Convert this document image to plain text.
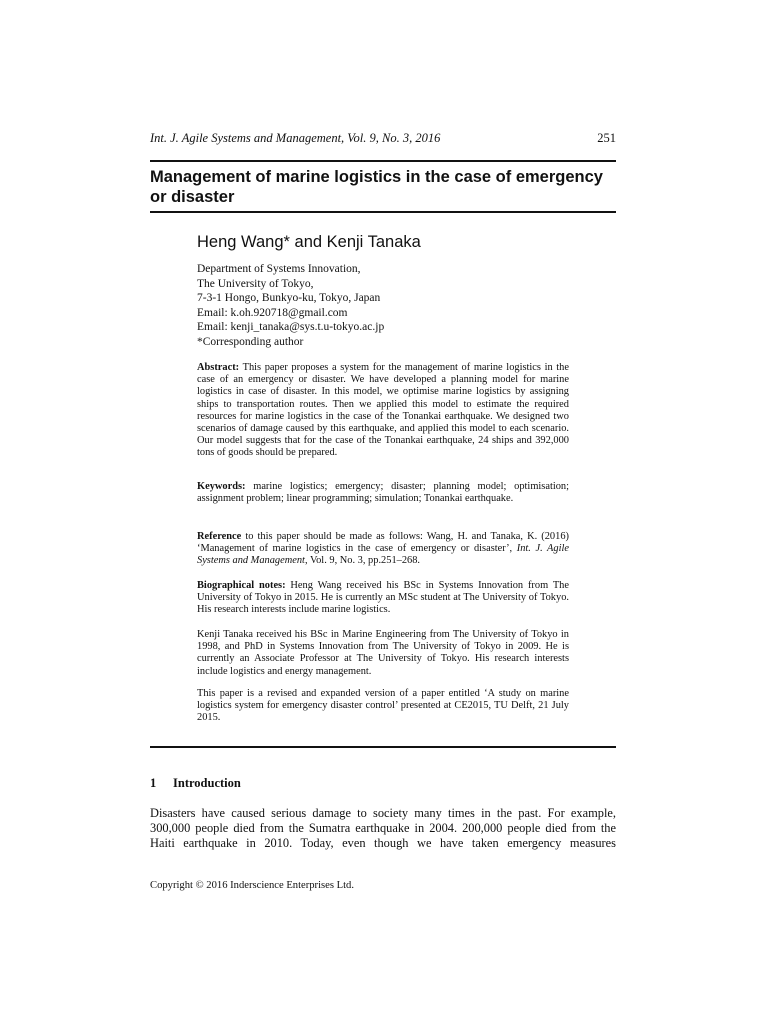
Int. J. Agile Systems and Management, Vol. 9, No. 3, 2016	251
Management of marine logistics in the case of emergency or disaster
Heng Wang* and Kenji Tanaka
Department of Systems Innovation,
The University of Tokyo,
7-3-1 Hongo, Bunkyo-ku, Tokyo, Japan
Email: k.oh.920718@gmail.com
Email: kenji_tanaka@sys.t.u-tokyo.ac.jp
*Corresponding author
Abstract: This paper proposes a system for the management of marine logistics in the case of an emergency or disaster. We have developed a planning model for marine logistics in case of disaster. In this model, we optimise marine logistics by assigning ships to transportation routes. Then we applied this model to estimate the required resources for marine logistics in the case of the Tonankai earthquake. We designed two scenarios of damage caused by this earthquake, and applied this model to each scenario. Our model suggests that for the case of the Tonankai earthquake, 24 ships and 392,000 tons of goods should be prepared.
Keywords: marine logistics; emergency; disaster; planning model; optimisation; assignment problem; linear programming; simulation; Tonankai earthquake.
Reference to this paper should be made as follows: Wang, H. and Tanaka, K. (2016) ‘Management of marine logistics in the case of emergency or disaster’, Int. J. Agile Systems and Management, Vol. 9, No. 3, pp.251–268.
Biographical notes: Heng Wang received his BSc in Systems Innovation from The University of Tokyo in 2015. He is currently an MSc student at The University of Tokyo. His research interests include marine logistics.
Kenji Tanaka received his BSc in Marine Engineering from The University of Tokyo in 1998, and PhD in Systems Innovation from The University of Tokyo in 2009. He is currently an Associate Professor at The University of Tokyo. His research interests include logistics and energy management.
This paper is a revised and expanded version of a paper entitled ‘A study on marine logistics system for emergency disaster control’ presented at CE2015, TU Delft, 21 July 2015.
1 Introduction
Disasters have caused serious damage to society many times in the past. For example, 300,000 people died from the Sumatra earthquake in 2004. 200,000 people died from the Haiti earthquake in 2010. Today, even though we have taken emergency measures
Copyright © 2016 Inderscience Enterprises Ltd.
